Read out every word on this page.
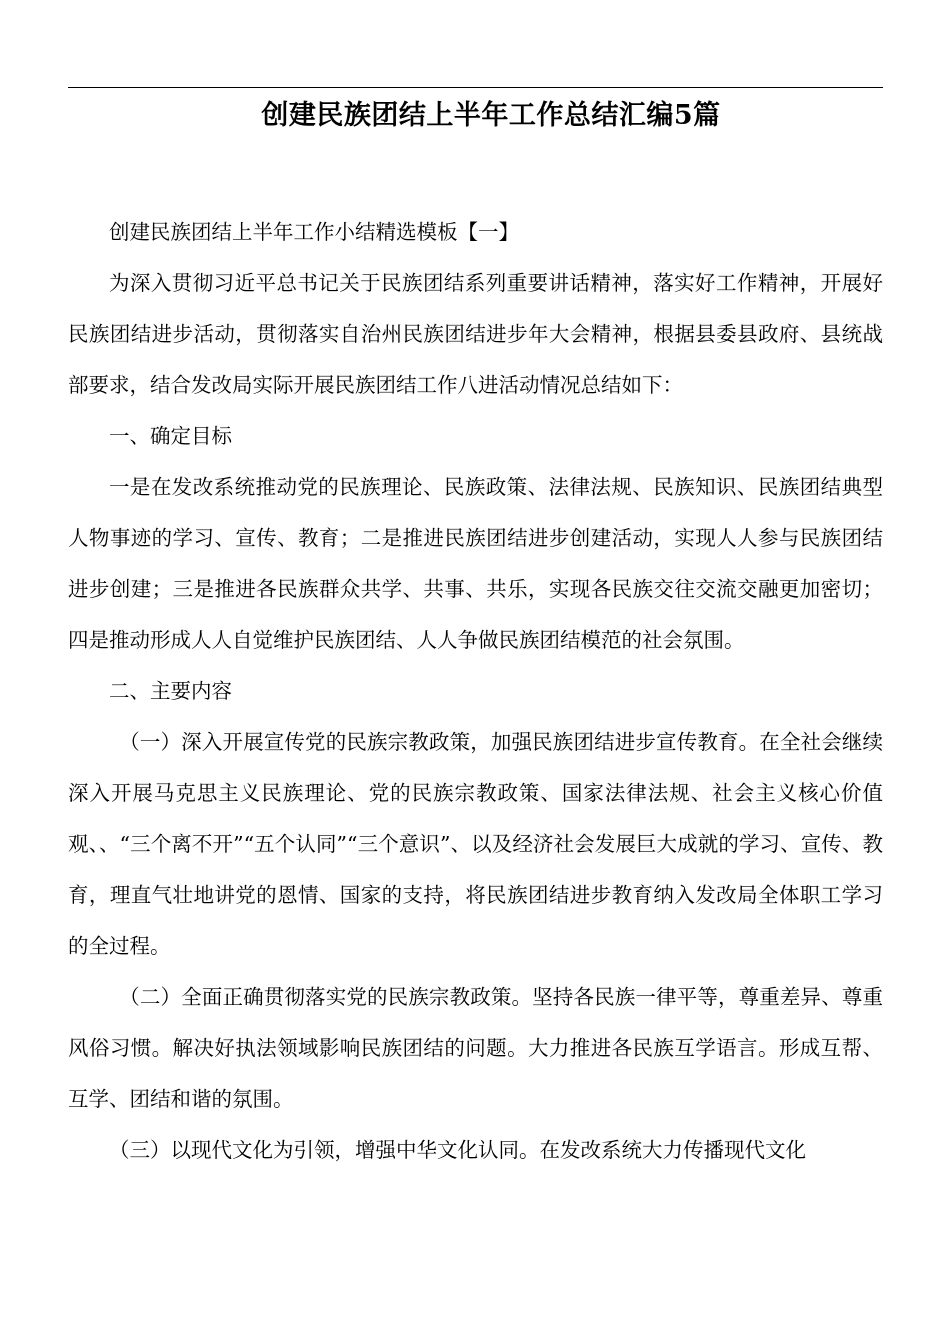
创建民族团结上半年工作总结汇编5篇

创建民族团结上半年工作小结精选模板【一】

为深入贯彻习近平总书记关于民族团结系列重要讲话精神，落实好工作精神，开展好民族团结进步活动，贯彻落实自治州民族团结进步年大会精神，根据县委县政府、县统战部要求，结合发改局实际开展民族团结工作八进活动情况总结如下：

一、确定目标

一是在发改系统推动党的民族理论、民族政策、法律法规、民族知识、民族团结典型人物事迹的学习、宣传、教育；二是推进民族团结进步创建活动，实现人人参与民族团结进步创建；三是推进各民族群众共学、共事、共乐，实现各民族交往交流交融更加密切；四是推动形成人人自觉维护民族团结、人人争做民族团结模范的社会氛围。

二、主要内容

（一）深入开展宣传党的民族宗教政策，加强民族团结进步宣传教育。在全社会继续深入开展马克思主义民族理论、党的民族宗教政策、国家法律法规、社会主义核心价值观、、“三个离不开”“五个认同”“三个意识”、以及经济社会发展巨大成就的学习、宣传、教育，理直气壮地讲党的恩情、国家的支持，将民族团结进步教育纳入发改局全体职工学习的全过程。

（二）全面正确贯彻落实党的民族宗教政策。坚持各民族一律平等，尊重差异、尊重风俗习惯。解决好执法领域影响民族团结的问题。大力推进各民族互学语言。形成互帮、互学、团结和谐的氛围。

（三）以现代文化为引领，增强中华文化认同。在发改系统大力传播现代文化
